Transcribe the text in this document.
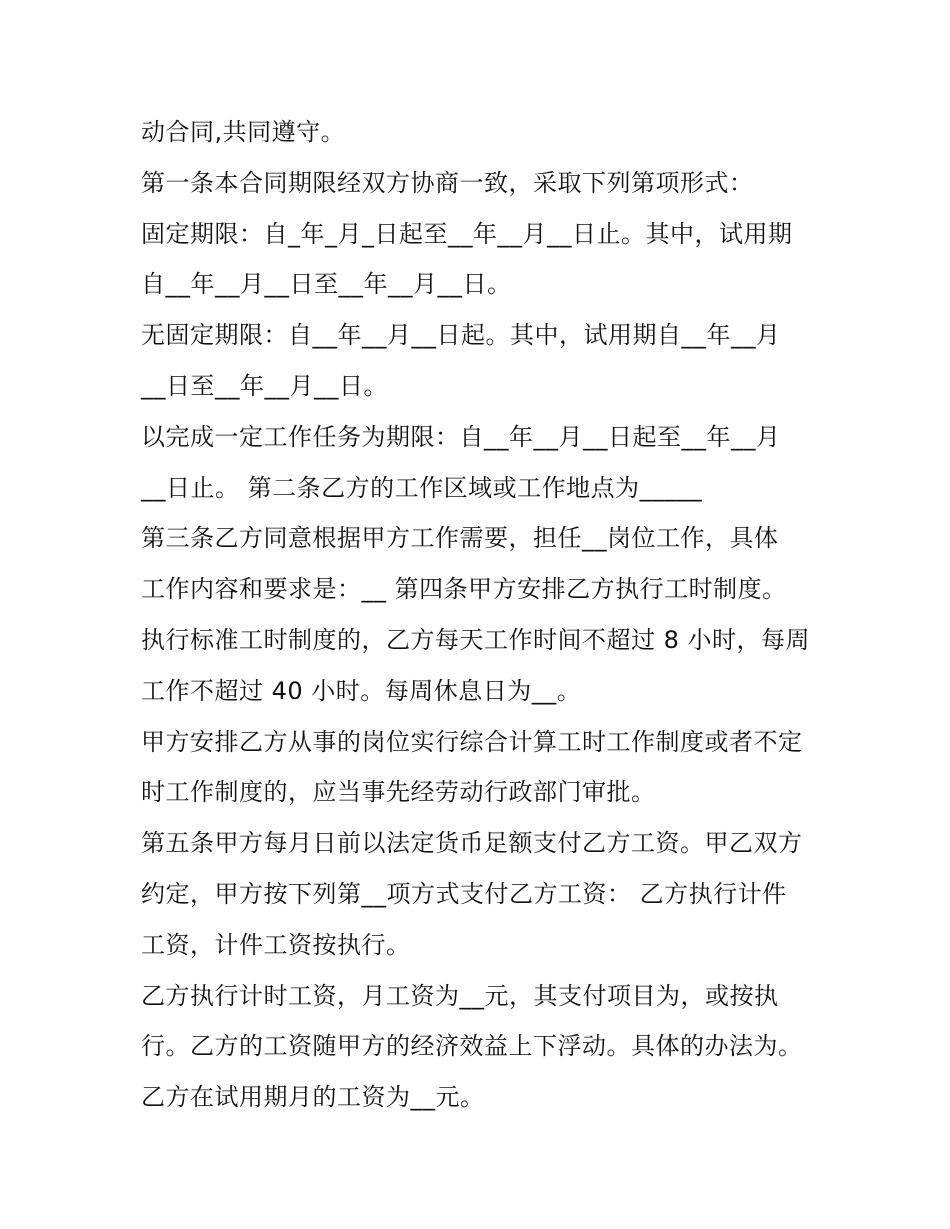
动合同,共同遵守。
第一条本合同期限经双方协商一致，采取下列第项形式：
固定期限：自_年_月_日起至__年__月__日止。其中，试用期
自__年__月__日至__年__月__日。
无固定期限：自__年__月__日起。其中，试用期自__年__月
__日至__年__月__日。
以完成一定工作任务为期限：自__年__月__日起至__年__月
__日止。 第二条乙方的工作区域或工作地点为_____
第三条乙方同意根据甲方工作需要，担任__岗位工作，具体
工作内容和要求是：__ 第四条甲方安排乙方执行工时制度。
执行标准工时制度的，乙方每天工作时间不超过 8 小时，每周
工作不超过 40 小时。每周休息日为__。
甲方安排乙方从事的岗位实行综合计算工时工作制度或者不定
时工作制度的，应当事先经劳动行政部门审批。
第五条甲方每月日前以法定货币足额支付乙方工资。甲乙双方
约定，甲方按下列第__项方式支付乙方工资： 乙方执行计件
工资，计件工资按执行。
乙方执行计时工资，月工资为__元，其支付项目为，或按执
行。乙方的工资随甲方的经济效益上下浮动。具体的办法为。
乙方在试用期月的工资为__元。
